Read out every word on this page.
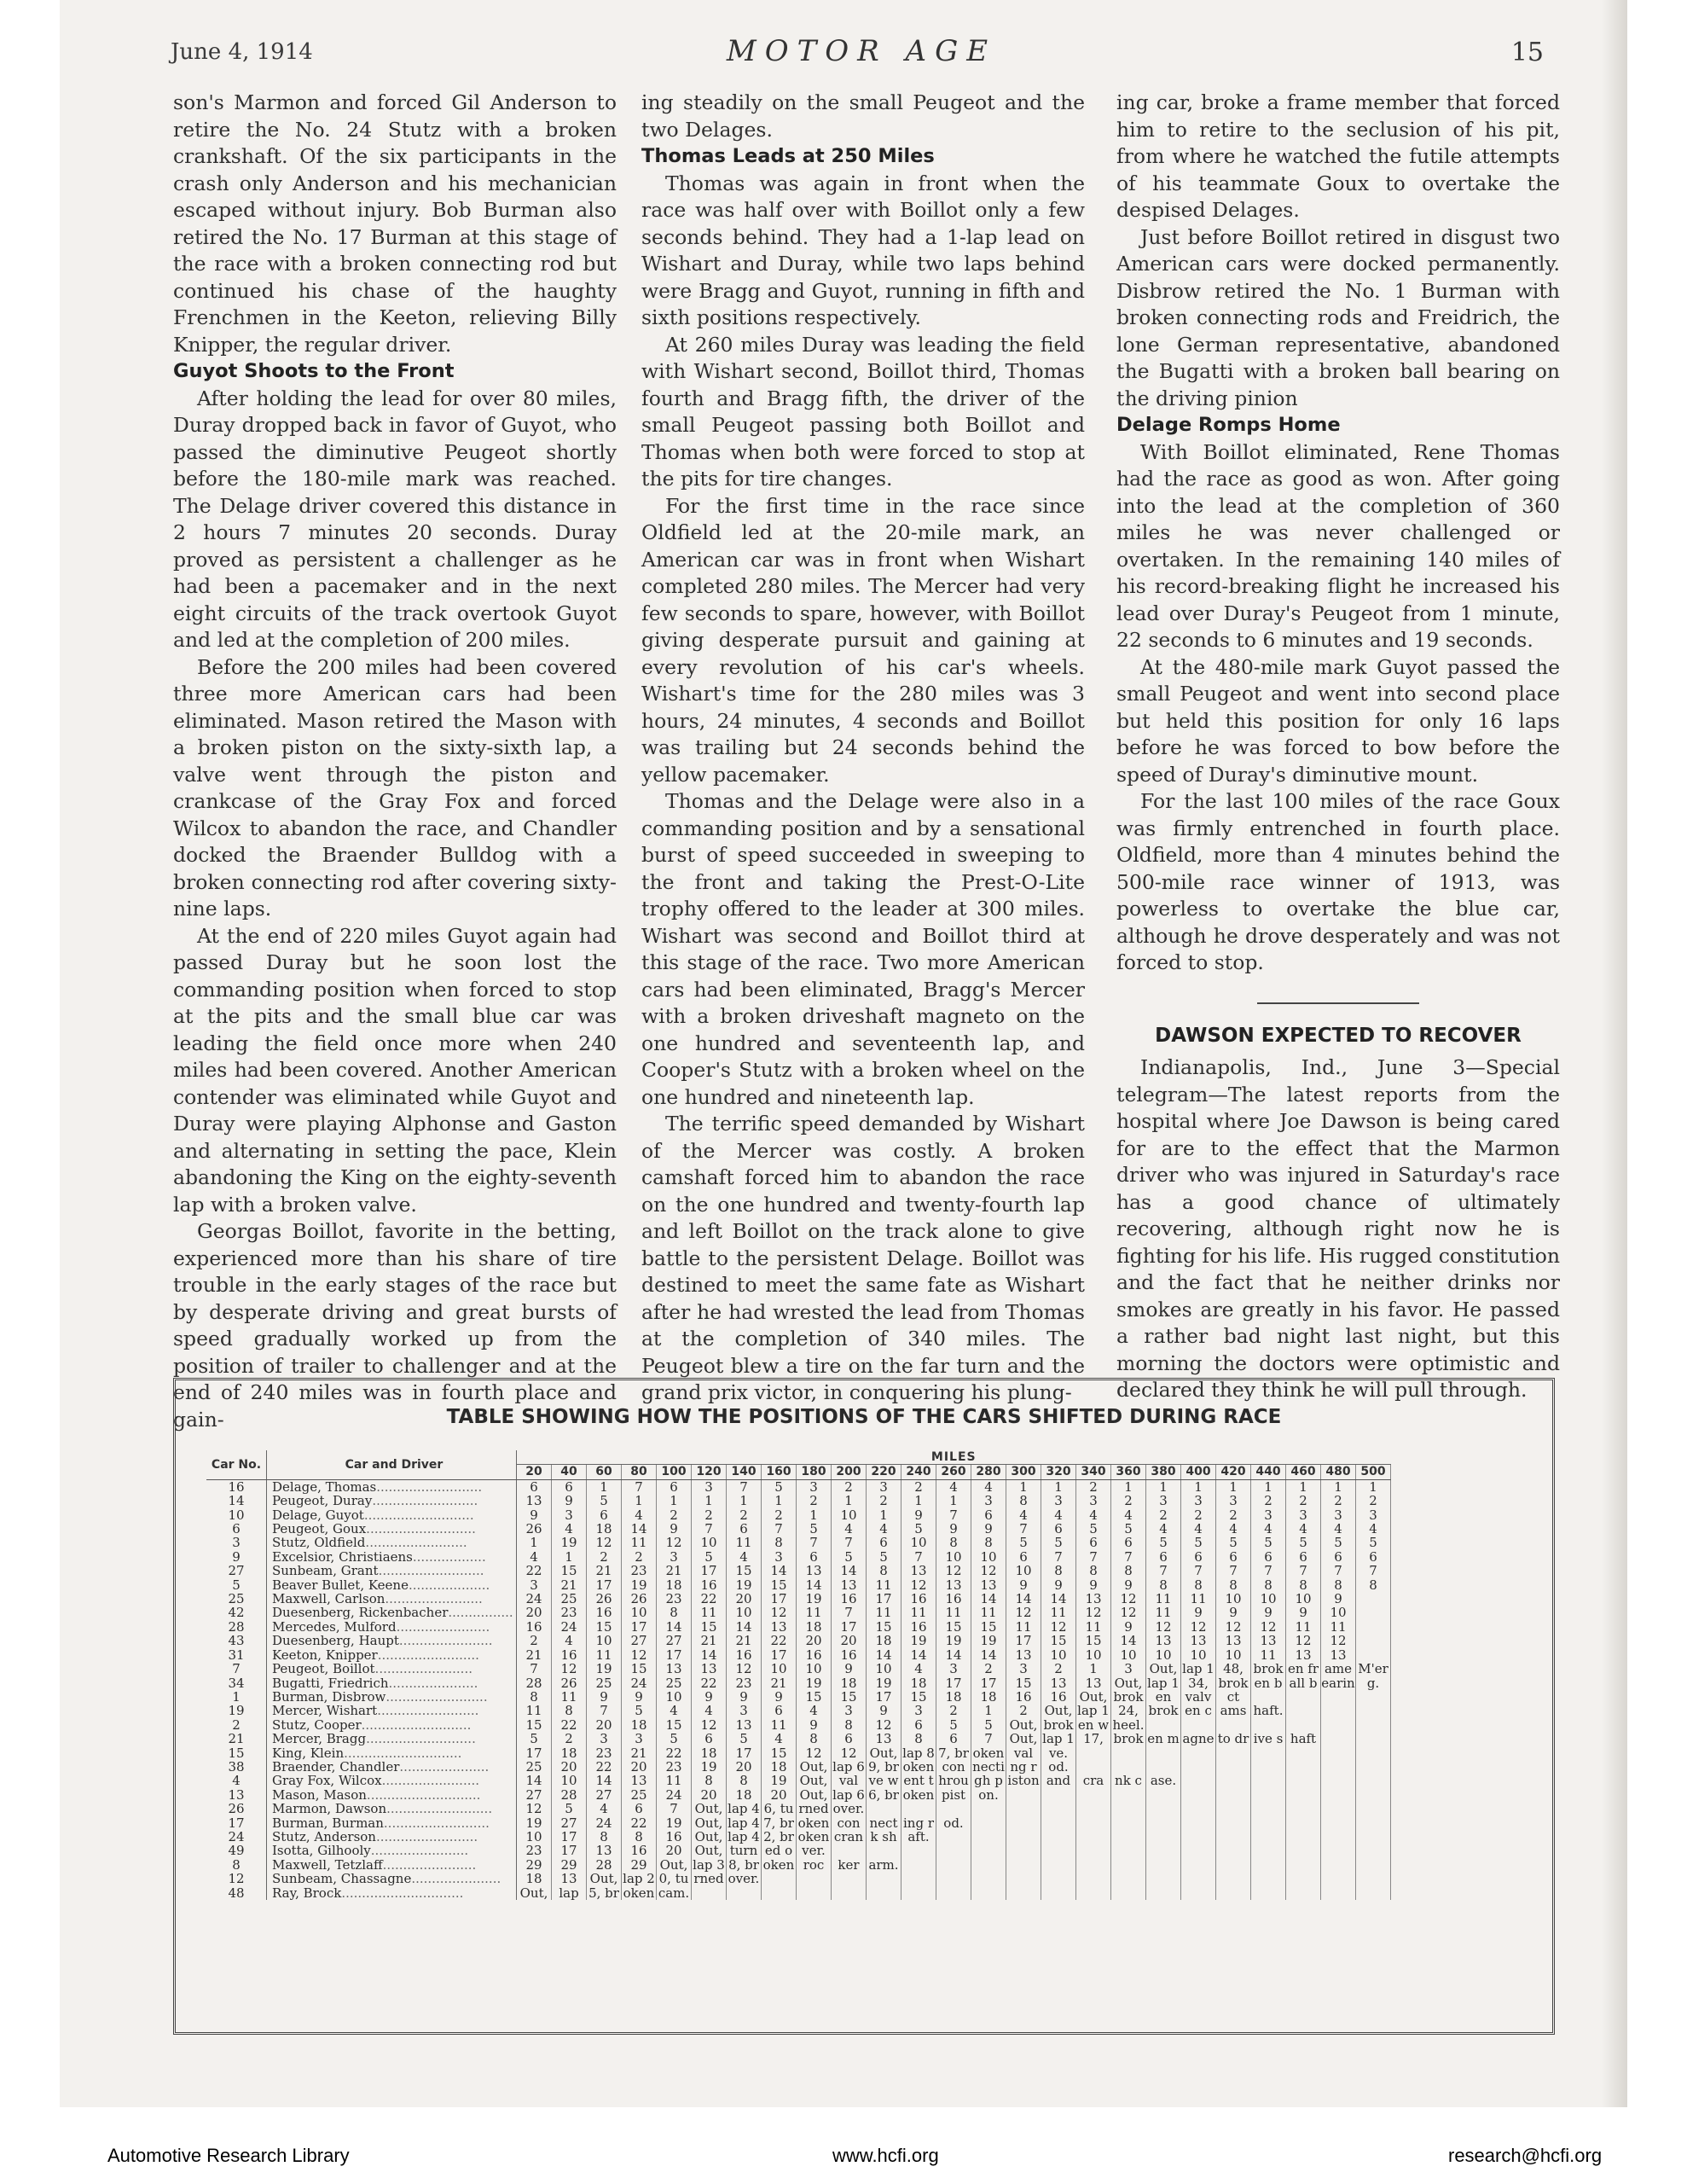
June 4, 1914	MOTOR AGE	15

son's Marmon and forced Gil Anderson to retire the No. 24 Stutz with a broken crankshaft. Of the six participants in the crash only Anderson and his mechanician escaped without injury. Bob Burman also retired the No. 17 Burman at this stage of the race with a broken connecting rod but continued his chase of the haughty Frenchmen in the Keeton, relieving Billy Knipper, the regular driver.

Guyot Shoots to the Front

After holding the lead for over 80 miles, Duray dropped back in favor of Guyot, who passed the diminutive Peugeot shortly before the 180-mile mark was reached. The Delage driver covered this distance in 2 hours 7 minutes 20 seconds. Duray proved as persistent a challenger as he had been a pacemaker and in the next eight circuits of the track overtook Guyot and led at the completion of 200 miles.

Before the 200 miles had been covered three more American cars had been eliminated. Mason retired the Mason with a broken piston on the sixty-sixth lap, a valve went through the piston and crankcase of the Gray Fox and forced Wilcox to abandon the race, and Chandler docked the Braender Bulldog with a broken connecting rod after covering sixty-nine laps.

At the end of 220 miles Guyot again had passed Duray but he soon lost the commanding position when forced to stop at the pits and the small blue car was leading the field once more when 240 miles had been covered. Another American contender was eliminated while Guyot and Duray were playing Alphonse and Gaston and alternating in setting the pace, Klein abandoning the King on the eighty-seventh lap with a broken valve.

Georgas Boillot, favorite in the betting, experienced more than his share of tire trouble in the early stages of the race but by desperate driving and great bursts of speed gradually worked up from the position of trailer to challenger and at the end of 240 miles was in fourth place and gain-

ing steadily on the small Peugeot and the two Delages.

Thomas Leads at 250 Miles

Thomas was again in front when the race was half over with Boillot only a few seconds behind. They had a 1-lap lead on Wishart and Duray, while two laps behind were Bragg and Guyot, running in fifth and sixth positions respectively.

At 260 miles Duray was leading the field with Wishart second, Boillot third, Thomas fourth and Bragg fifth, the driver of the small Peugeot passing both Boillot and Thomas when both were forced to stop at the pits for tire changes.

For the first time in the race since Oldfield led at the 20-mile mark, an American car was in front when Wishart completed 280 miles. The Mercer had very few seconds to spare, however, with Boillot giving desperate pursuit and gaining at every revolution of his car's wheels. Wishart's time for the 280 miles was 3 hours, 24 minutes, 4 seconds and Boillot was trailing but 24 seconds behind the yellow pacemaker.

Thomas and the Delage were also in a commanding position and by a sensational burst of speed succeeded in sweeping to the front and taking the Prest-O-Lite trophy offered to the leader at 300 miles. Wishart was second and Boillot third at this stage of the race. Two more American cars had been eliminated, Bragg's Mercer with a broken driveshaft magneto on the one hundred and seventeenth lap, and Cooper's Stutz with a broken wheel on the one hundred and nineteenth lap.

The terrific speed demanded by Wishart of the Mercer was costly. A broken camshaft forced him to abandon the race on the one hundred and twenty-fourth lap and left Boillot on the track alone to give battle to the persistent Delage. Boillot was destined to meet the same fate as Wishart after he had wrested the lead from Thomas at the completion of 340 miles. The Peugeot blew a tire on the far turn and the grand prix victor, in conquering his plung-

ing car, broke a frame member that forced him to retire to the seclusion of his pit, from where he watched the futile attempts of his teammate Goux to overtake the despised Delages.

Just before Boillot retired in disgust two American cars were docked permanently. Disbrow retired the No. 1 Burman with broken connecting rods and Freidrich, the lone German representative, abandoned the Bugatti with a broken ball bearing on the driving pinion

Delage Romps Home

With Boillot eliminated, Rene Thomas had the race as good as won. After going into the lead at the completion of 360 miles he was never challenged or overtaken. In the remaining 140 miles of his record-breaking flight he increased his lead over Duray's Peugeot from 1 minute, 22 seconds to 6 minutes and 19 seconds.

At the 480-mile mark Guyot passed the small Peugeot and went into second place but held this position for only 16 laps before he was forced to bow before the speed of Duray's diminutive mount.

For the last 100 miles of the race Goux was firmly entrenched in fourth place. Oldfield, more than 4 minutes behind the 500-mile race winner of 1913, was powerless to overtake the blue car, although he drove desperately and was not forced to stop.

DAWSON EXPECTED TO RECOVER

Indianapolis, Ind., June 3—Special telegram—The latest reports from the hospital where Joe Dawson is being cared for are to the effect that the Marmon driver who was injured in Saturday's race has a good chance of ultimately recovering, although right now he is fighting for his life. His rugged constitution and the fact that he neither drinks nor smokes are greatly in his favor. He passed a rather bad night last night, but this morning the doctors were optimistic and declared they think he will pull through.

TABLE SHOWING HOW THE POSITIONS OF THE CARS SHIFTED DURING RACE
Car No.	Car and Driver	MILES																								
		20	40	60	80	100	120	140	160	180	200	220	240	260	280	300	320	340	360	380	400	420	440	460	480	500
16	Delage, Thomas..........................	6	6	1	7	6	3	7	5	3	2	3	2	4	4	1	1	2	1	1	1	1	1	1	1	1
14	Peugeot, Duray..........................	13	9	5	1	1	1	1	1	2	1	2	1	1	3	8	3	3	2	3	3	3	2	2	2	2
10	Delage, Guyot...........................	9	3	6	4	2	2	2	2	1	10	1	9	7	6	4	4	4	4	2	2	2	3	3	3	3
6	Peugeot, Goux...........................	26	4	18	14	9	7	6	7	5	4	4	5	9	9	7	6	5	5	4	4	4	4	4	4	4
3	Stutz, Oldfield.........................	1	19	12	11	12	10	11	8	7	7	6	10	8	8	5	5	6	6	5	5	5	5	5	5	5
9	Excelsior, Christiaens..................	4	1	2	2	3	5	4	3	6	5	5	7	10	10	6	7	7	7	6	6	6	6	6	6	6
27	Sunbeam, Grant..........................	22	15	21	23	21	17	15	14	13	14	8	13	12	12	10	8	8	8	7	7	7	7	7	7	7
5	Beaver Bullet, Keene....................	3	21	17	19	18	16	19	15	14	13	11	12	13	13	9	9	9	9	8	8	8	8	8	8	8
25	Maxwell, Carlson........................	24	25	26	26	23	22	20	17	19	16	17	16	16	14	14	14	13	12	11	11	10	10	10	9	
42	Duesenberg, Rickenbacher................	20	23	16	10	8	11	10	12	11	7	11	11	11	11	12	11	12	12	11	9	9	9	9	10	
28	Mercedes, Mulford.......................	16	24	15	17	14	15	14	13	18	17	15	16	15	15	11	12	11	9	12	12	12	12	11	11	
43	Duesenberg, Haupt.......................	2	4	10	27	27	21	21	22	20	20	18	19	19	19	17	15	15	14	13	13	13	13	12	12	
31	Keeton, Knipper.........................	21	16	11	12	17	14	16	17	16	16	14	14	14	14	13	10	10	10	10	10	10	11	13	13	
7	Peugeot, Boillot........................	7	12	19	15	13	13	12	10	10	9	10	4	3	2	3	2	1	3	Out,	lap 1	48,	brok	en fr	ame	M'er
34	Bugatti, Friedrich......................	28	26	25	24	25	22	23	21	19	18	19	18	17	17	15	13	13	Out,	lap 1	34,	brok	en b	all b	earin	g.
1	Burman, Disbrow.........................	8	11	9	9	10	9	9	9	15	15	17	15	18	18	16	16	Out,	brok	en	valv	ct				
19	Mercer, Wishart.........................	11	8	7	5	4	4	3	6	4	3	9	3	2	1	2	Out,	lap 1	24,	brok	en c	ams	haft.			
2	Stutz, Cooper...........................	15	22	20	18	15	12	13	11	9	8	12	6	5	5	Out,	brok	en w	heel.							
21	Mercer, Bragg...........................	5	2	3	3	5	6	5	4	8	6	13	8	6	7	Out,	lap 1	17,	brok	en m	agne	to dr	ive s	haft		
15	King, Klein.............................	17	18	23	21	22	18	17	15	12	12	Out,	lap 8	7, br	oken	val	ve.									
38	Braender, Chandler......................	25	20	22	20	23	19	20	18	Out,	lap 6	9, br	oken	con	necti	ng r	od.									
4	Gray Fox, Wilcox........................	14	10	14	13	11	8	8	19	Out,	val	ve w	ent t	hrou	gh p	iston	and	cra	nk c	ase.						
13	Mason, Mason............................	27	28	27	25	24	20	18	20	Out,	lap 6	6, br	oken	pist	on.											
26	Marmon, Dawson..........................	12	5	4	6	7	Out,	lap 4	6, tu	rned	over.															
17	Burman, Burman..........................	19	27	24	22	19	Out,	lap 4	7, br	oken	con	nect	ing r	od.												
24	Stutz, Anderson.........................	10	17	8	8	16	Out,	lap 4	2, br	oken	cran	k sh	aft.													
49	Isotta, Gilhooly........................	23	17	13	16	20	Out,	turn	ed o	ver.																
8	Maxwell, Tetzlaff.......................	29	29	28	29	Out,	lap 3	8, br	oken	roc	ker	arm.														
12	Sunbeam, Chassagne......................	18	13	Out,	lap 2	0, tu	rned	over.																		
48	Ray, Brock..............................	Out,	lap	5, br	oken	cam.																				
Automotive Research Library	www.hcfi.org	research@hcfi.org
